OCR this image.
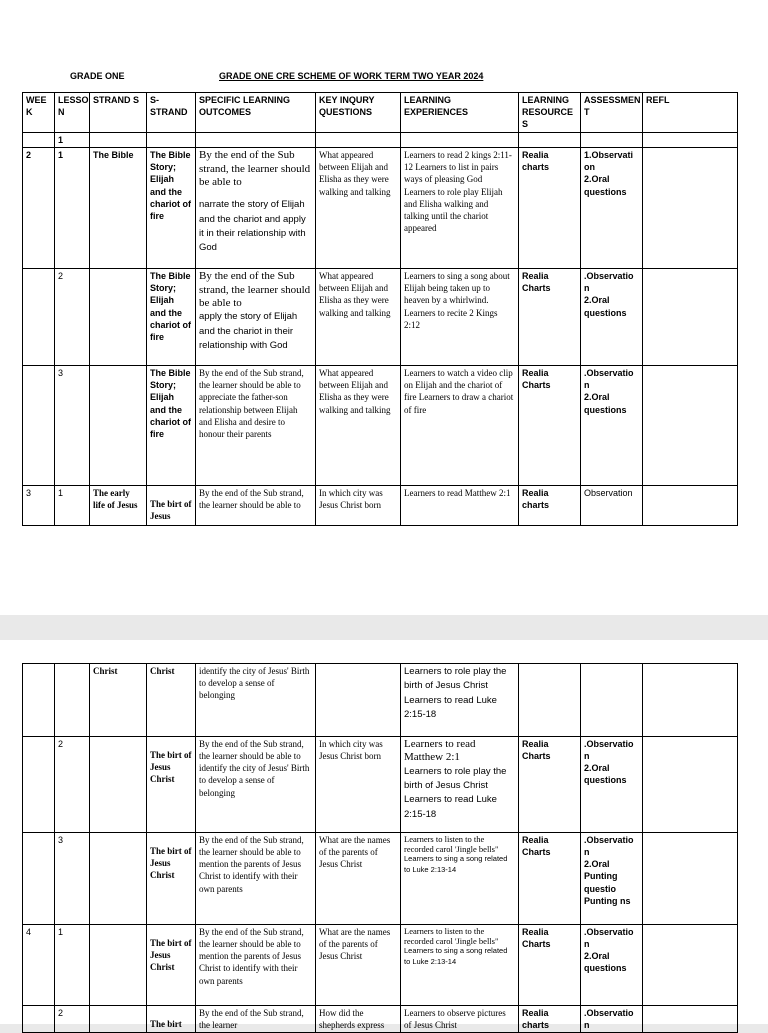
GRADE ONE	GRADE ONE CRE SCHEME OF WORK TERM TWO YEAR 2024
WEE K	LESSO N	STRAND S	S-STRAND	SPECIFIC LEARNING OUTCOMES	KEY INQURY QUESTIONS	LEARNING EXPERIENCES	LEARNING RESOURCE S	ASSESSMEN T	REFL
	1								
2	1	The Bible	The Bible Story; Elijah and the chariot of fire	By the end of the Sub strand, the learner should be able to
narrate the story of Elijah and the chariot and apply it in their relationship with God	What appeared between Elijah and Elisha as they were walking and talking	Learners to read 2 kings 2:11-12 Learners to list in pairs ways of pleasing God Learners to role play Elijah and Elisha walking and talking until the chariot appeared	Realia charts	1.Observati on
2.Oral questions	

	2		The Bible Story; Elijah and the chariot of fire	By the end of the Sub strand, the learner should be able to
apply the story of Elijah and the chariot in their relationship with God	What appeared between Elijah and Elisha as they were walking and talking	Learners to sing a song about Elijah being taken up to heaven by a whirlwind. Learners to recite 2 Kings 2:12	Realia Charts	.Observatio n
2.Oral questions	

	3		The Bible Story; Elijah and the chariot of fire	By the end of the Sub strand, the learner should be able to appreciate the father-son relationship between Elijah and Elisha and desire to honour their parents	What appeared between Elijah and Elisha as they were walking and talking	Learners to watch a video clip on Elijah and the chariot of fire Learners to draw a chariot of fire	Realia Charts	.Observatio n
2.Oral questions	

3	1	The early life of Jesus	The birt of Jesus	By the end of the Sub strand, the learner should be able to	In which city was Jesus Christ born	Learners to read Matthew 2:1	Realia charts	Observation	
		Christ	Christ	identify the city of Jesus' Birth to develop a sense of belonging		Learners to role play the birth of Jesus Christ
Learners to read Luke 2:15-18			

	2		The birt of Jesus Christ	By the end of the Sub strand, the learner should be able to identify the city of Jesus' Birth to develop a sense of belonging	In which city was Jesus Christ born	Learners to read Matthew 2:1
Learners to role play the birth of Jesus Christ
Learners to read Luke 2:15-18	Realia Charts	.Observatio n
2.Oral questions	

	3		The birt of Jesus Christ	By the end of the Sub strand, the learner should be able to mention the parents of Jesus Christ to identify with their own parents	What are the names of the parents of Jesus Christ	Learners to listen to the recorded carol 'Jingle bells"
Learners to sing a song related to Luke 2:13-14	Realia Charts	.Observatio n
2.Oral Punting questio Punting ns	

4	1		The birt of Jesus Christ	By the end of the Sub strand, the learner should be able to mention the parents of Jesus Christ to identify with their own parents	What are the names of the parents of Jesus Christ	Learners to listen to the recorded carol 'Jingle bells"
Learners to sing a song related to Luke 2:13-14	Realia Charts	.Observatio n
2.Oral questions	

	2		The birt	By the end of the Sub strand, the learner	How did the shepherds express	Learners to observe pictures of Jesus Christ	Realia charts	.Observatio n	
